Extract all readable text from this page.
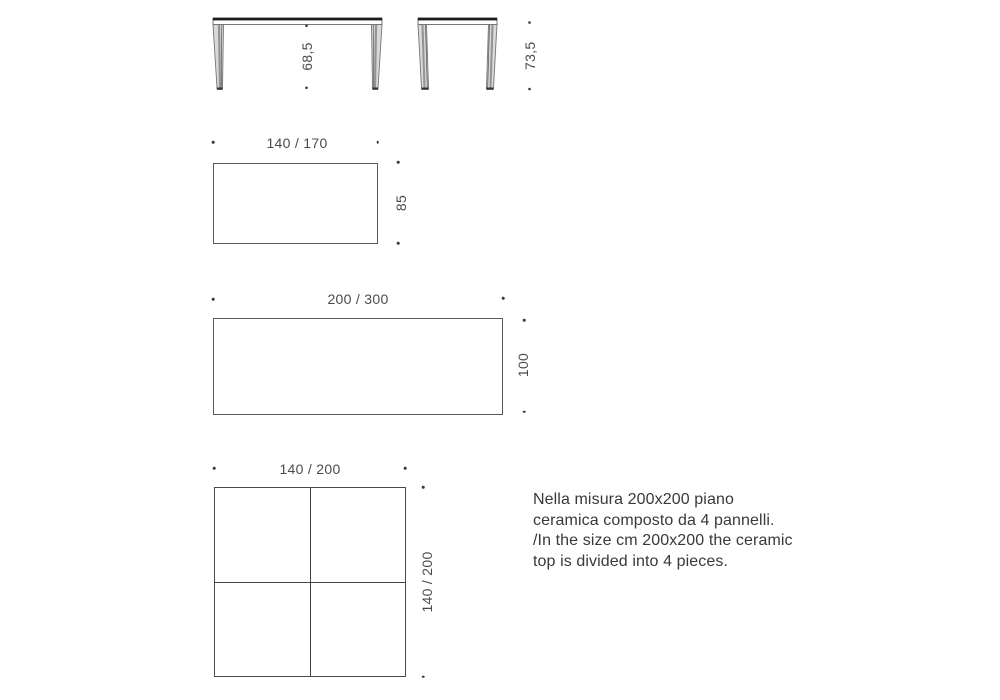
68,5	73,5
140 / 170
85
200 / 300
100
140 / 200
140 / 200
Nella misura 200x200 piano
ceramica composto da 4 pannelli.
/In the size cm 200x200 the ceramic
top is divided into 4 pieces.
